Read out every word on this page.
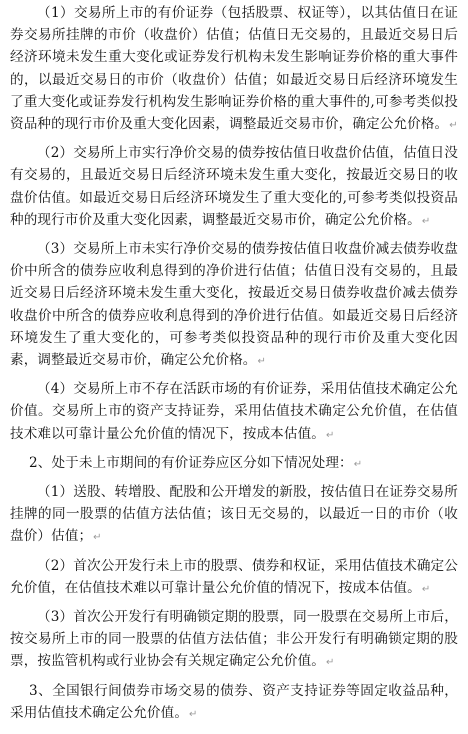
（1）交易所上市的有价证券（包括股票、权证等），以其估值日在证券交易所挂牌的市价（收盘价）估值；估值日无交易的，且最近交易日后经济环境未发生重大变化或证券发行机构未发生影响证券价格的重大事件的，以最近交易日的市价（收盘价）估值；如最近交易日后经济环境发生了重大变化或证券发行机构发生影响证券价格的重大事件的,可参考类似投资品种的现行市价及重大变化因素，调整最近交易市价，确定公允价格。↵

（2）交易所上市实行净价交易的债券按估值日收盘价估值，估值日没有交易的，且最近交易日后经济环境未发生重大变化，按最近交易日的收盘价估值。如最近交易日后经济环境发生了重大变化的,可参考类似投资品种的现行市价及重大变化因素，调整最近交易市价，确定公允价格。↵

（3）交易所上市未实行净价交易的债券按估值日收盘价减去债券收盘价中所含的债券应收利息得到的净价进行估值；估值日没有交易的，且最近交易日后经济环境未发生重大变化，按最近交易日债券收盘价减去债券收盘价中所含的债券应收利息得到的净价进行估值。如最近交易日后经济环境发生了重大变化的，可参考类似投资品种的现行市价及重大变化因素，调整最近交易市价，确定公允价格。↵

（4）交易所上市不存在活跃市场的有价证券，采用估值技术确定公允价值。交易所上市的资产支持证券，采用估值技术确定公允价值，在估值技术难以可靠计量公允价值的情况下，按成本估值。↵

2、处于未上市期间的有价证券应区分如下情况处理：↵

（1）送股、转增股、配股和公开增发的新股，按估值日在证券交易所挂牌的同一股票的估值方法估值；该日无交易的，以最近一日的市价（收盘价）估值；↵

（2）首次公开发行未上市的股票、债券和权证，采用估值技术确定公允价值，在估值技术难以可靠计量公允价值的情况下，按成本估值。↵

（3）首次公开发行有明确锁定期的股票，同一股票在交易所上市后，按交易所上市的同一股票的估值方法估值；非公开发行有明确锁定期的股票，按监管机构或行业协会有关规定确定公允价值。↵

3、全国银行间债券市场交易的债券、资产支持证券等固定收益品种，采用估值技术确定公允价值。↵
